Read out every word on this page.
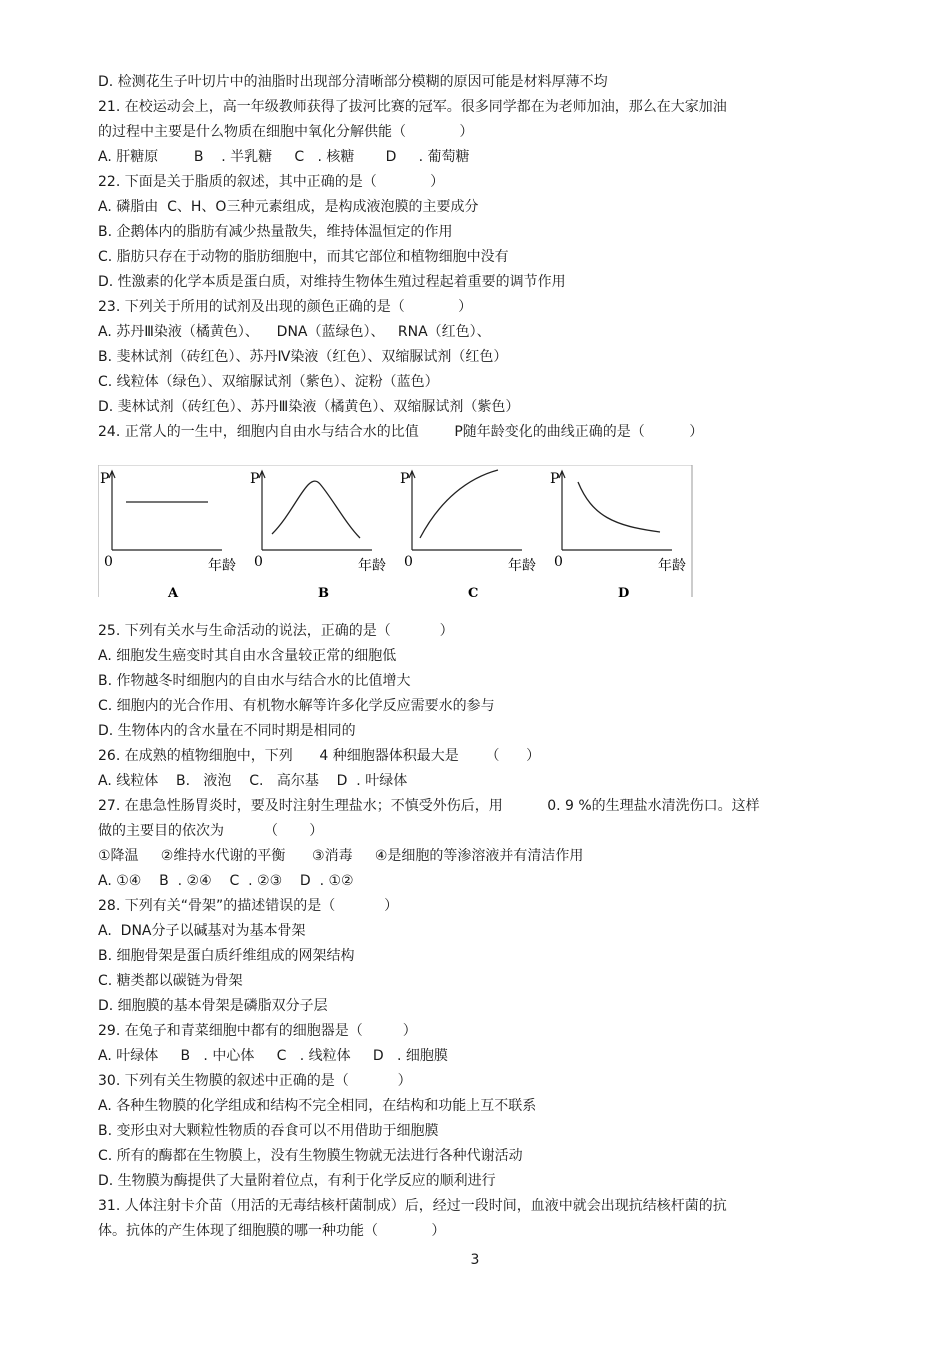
D. 检测花生子叶切片中的油脂时出现部分清晰部分模糊的原因可能是材料厚薄不均
21. 在校运动会上，高一年级教师获得了拔河比赛的冠军。很多同学都在为老师加油，那么在大家加油
的过程中主要是什么物质在细胞中氧化分解供能（            ）
A. 肝糖原        B    . 半乳糖     C   . 核糖       D     . 葡萄糖
22. 下面是关于脂质的叙述，其中正确的是（            ）
A. 磷脂由  C、H、O三种元素组成，是构成液泡膜的主要成分
B. 企鹅体内的脂肪有减少热量散失，维持体温恒定的作用
C. 脂肪只存在于动物的脂肪细胞中，而其它部位和植物细胞中没有
D. 性激素的化学本质是蛋白质，对维持生物体生殖过程起着重要的调节作用
23. 下列关于所用的试剂及出现的颜色正确的是（            ）
A. 苏丹Ⅲ染液（橘黄色）、    DNA（蓝绿色）、   RNA（红色）、
B. 斐林试剂（砖红色）、苏丹Ⅳ染液（红色）、双缩脲试剂（红色）
C. 线粒体（绿色）、双缩脲试剂（紫色）、淀粉（蓝色）
D. 斐林试剂（砖红色）、苏丹Ⅲ染液（橘黄色）、双缩脲试剂（紫色）
24. 正常人的一生中，细胞内自由水与结合水的比值        P随年龄变化的曲线正确的是（          ）
P
0	年龄
A
P
0	年龄
B
P
0	年龄
C
P
0	年龄
D
25. 下列有关水与生命活动的说法，正确的是（           ）
A. 细胞发生癌变时其自由水含量较正常的细胞低
B. 作物越冬时细胞内的自由水与结合水的比值增大
C. 细胞内的光合作用、有机物水解等许多化学反应需要水的参与
D. 生物体内的含水量在不同时期是相同的
26. 在成熟的植物细胞中，下列      4 种细胞器体积最大是      （      ）
A. 线粒体    B.   液泡    C.   高尔基    D  . 叶绿体
27. 在患急性肠胃炎时，要及时注射生理盐水；不慎受外伤后，用          0. 9 %的生理盐水清洗伤口。这样
做的主要目的依次为         （       ）
①降温     ②维持水代谢的平衡      ③消毒     ④是细胞的等渗溶液并有清洁作用
A. ①④    B  . ②④    C  . ②③    D  . ①②
28. 下列有关“骨架”的描述错误的是（           ）
A.  DNA分子以碱基对为基本骨架
B. 细胞骨架是蛋白质纤维组成的网架结构
C. 糖类都以碳链为骨架
D. 细胞膜的基本骨架是磷脂双分子层
29. 在兔子和青菜细胞中都有的细胞器是（         ）
A. 叶绿体     B   . 中心体     C   . 线粒体     D   . 细胞膜
30. 下列有关生物膜的叙述中正确的是（           ）
A. 各种生物膜的化学组成和结构不完全相同，在结构和功能上互不联系
B. 变形虫对大颗粒性物质的吞食可以不用借助于细胞膜
C. 所有的酶都在生物膜上，没有生物膜生物就无法进行各种代谢活动
D. 生物膜为酶提供了大量附着位点，有利于化学反应的顺利进行
31. 人体注射卡介苗（用活的无毒结核杆菌制成）后，经过一段时间，血液中就会出现抗结核杆菌的抗
体。抗体的产生体现了细胞膜的哪一种功能（            ）
3
